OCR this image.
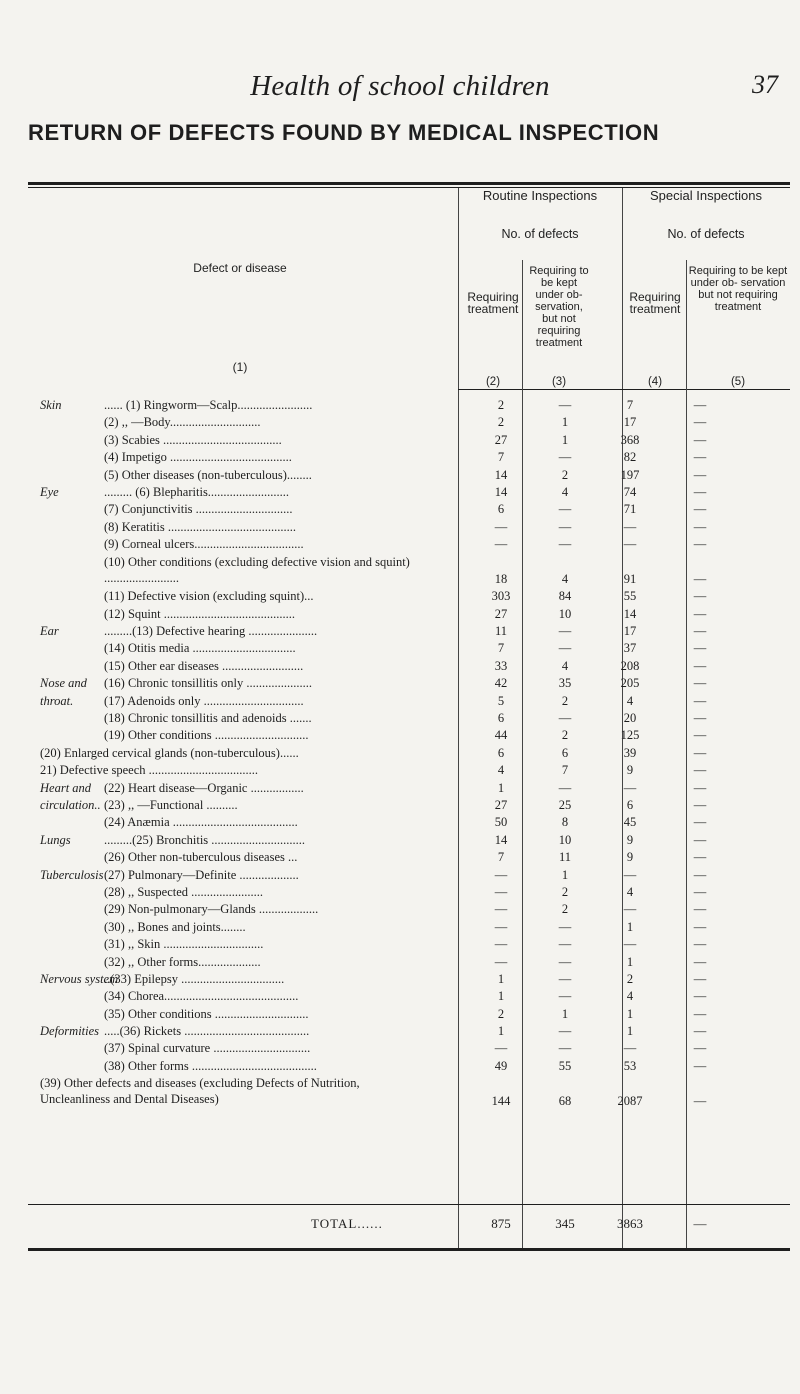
Health of school children	37
RETURN OF DEFECTS FOUND BY MEDICAL INSPECTION
Routine Inspections	Special Inspections
No. of defects	No. of defects
Defect or disease
(1)
Requiring treatment
Requiring to be kept under ob- servation, but not requiring treatment
Requiring treatment
Requiring to be kept under ob- servation but not requiring treatment
(2)	(3)	(4)	(5)
Skin	...... (1) Ringworm—Scalp........................	2	—	7	—
(2) ,, —Body.............................	2	1	17	—
(3) Scabies ......................................	27	1	368	—
(4) Impetigo .......................................	7	—	82	—
(5) Other diseases (non-tuberculous)........	14	2	197	—
Eye	......... (6) Blepharitis..........................	14	4	74	—
(7) Conjunctivitis ...............................	6	—	71	—
(8) Keratitis .........................................	—	—	—	—
(9) Corneal ulcers...................................	—	—	—	—
(10) Other conditions (excluding defective vision and squint) ........................	18	4	91	—
(11) Defective vision (excluding squint)...	303	84	55	—
(12) Squint ..........................................	27	10	14	—
Ear	.........(13) Defective hearing ......................	11	—	17	—
(14) Otitis media .................................	7	—	37	—
(15) Other ear diseases ..........................	33	4	208	—
Nose and (16) Chronic tonsillitis only .....................	42	35	205	—
throat. (17) Adenoids only ................................	5	2	4	—
(18) Chronic tonsillitis and adenoids .......	6	—	20	—
(19) Other conditions ..............................	44	2	125	—
(20) Enlarged cervical glands (non-tuberculous)......	6	6	39	—
21) Defective speech ...................................	4	7	9	—
Heart and (22) Heart disease—Organic .................	1	—	—	—
circulation.. (23) ,, —Functional ..........	27	25	6	—
(24) Anæmia ........................................	50	8	45	—
Lungs	.........(25) Bronchitis ..............................	14	10	9	—
(26) Other non-tuberculous diseases ...	7	11	9	—
Tuberculosis (27) Pulmonary—Definite ...................	—	1	—	—
(28) ,, Suspected .......................	—	2	4	—
(29) Non-pulmonary—Glands ...................	—	2	—	—
(30) ,, Bones and joints........	—	—	1	—
(31) ,, Skin ................................	—	—	—	—
(32) ,, Other forms....................	—	—	1	—
Nervous system
..(33) Epilepsy .................................	1	—	2	—
(34) Chorea...........................................	1	—	4	—
(35) Other conditions ..............................	2	1	1	—
Deformities .....(36) Rickets ........................................	1	—	1	—
(37) Spinal curvature ...............................	—	—	—	—
(38) Other forms ........................................	49	55	53	—
(39) Other defects and diseases (excluding Defects of Nutrition, Uncleanliness and Dental Diseases)	144	68	2087	—
TOTAL......	875	345	3863	—
